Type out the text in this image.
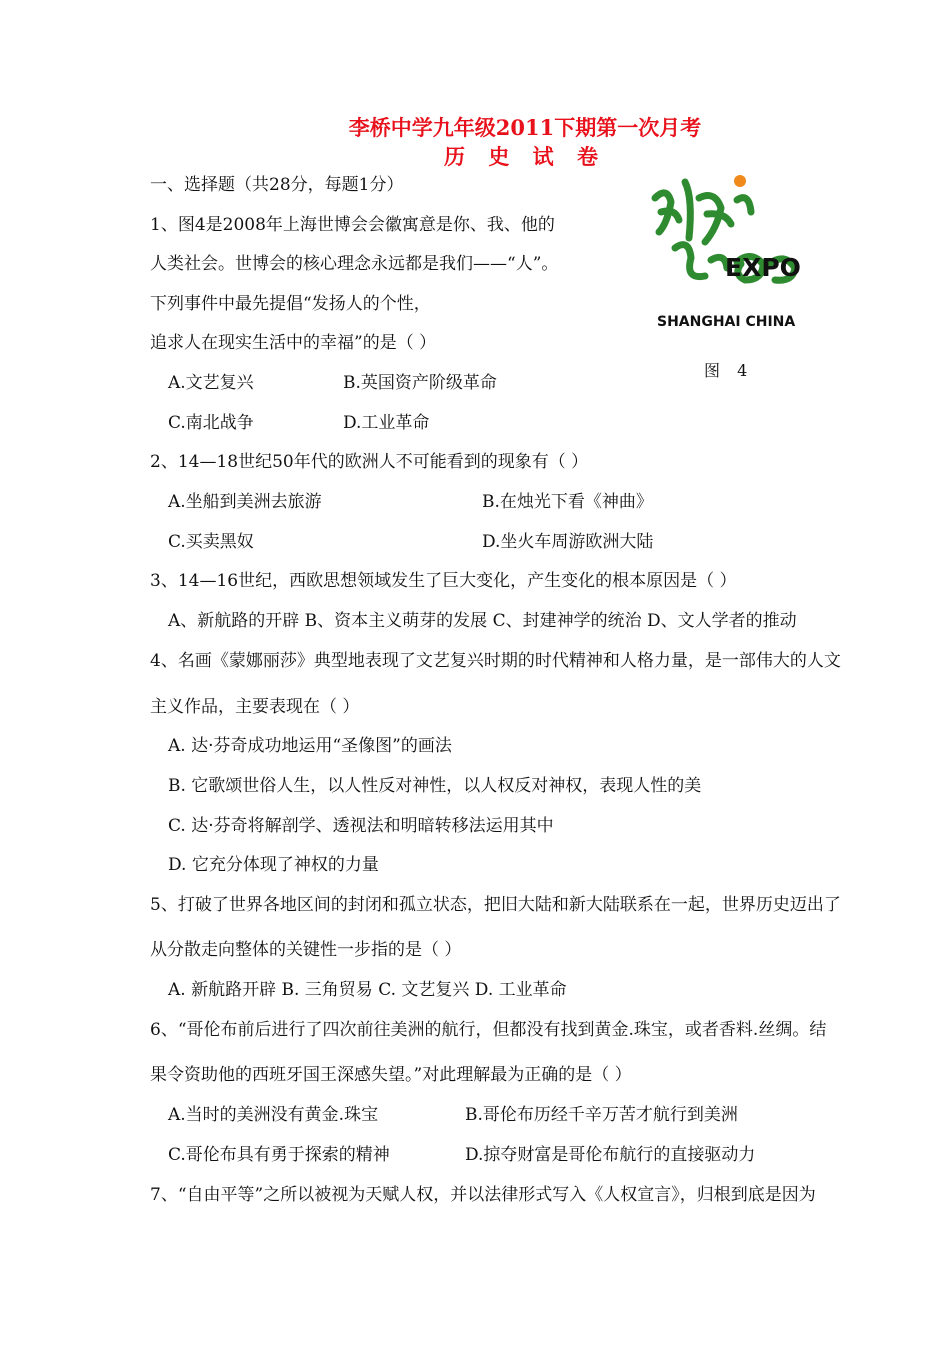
李桥中学九年级2011下期第一次月考
历 史 试 卷
一、选择题（共28分，每题1分）
EXPO
SHANGHAI CHINA
图 4
1、图4是2008年上海世博会会徽寓意是你、我、他的
人类社会。世博会的核心理念永远都是我们——“人”。
下列事件中最先提倡“发扬人的个性，
追求人在现实生活中的幸福”的是（ ）
A.文艺复兴	B.英国资产阶级革命
C.南北战争	D.工业革命
2、14—18世纪50年代的欧洲人不可能看到的现象有（ ）
A.坐船到美洲去旅游	B.在烛光下看《神曲》
C.买卖黑奴	D.坐火车周游欧洲大陆
3、14—16世纪，西欧思想领域发生了巨大变化，产生变化的根本原因是（ ）
A、新航路的开辟 B、资本主义萌芽的发展 C、封建神学的统治 D、文人学者的推动
4、名画《蒙娜丽莎》典型地表现了文艺复兴时期的时代精神和人格力量，是一部伟大的人文
主义作品，主要表现在（ ）
A. 达·芬奇成功地运用“圣像图”的画法
B. 它歌颂世俗人生，以人性反对神性，以人权反对神权，表现人性的美
C. 达·芬奇将解剖学、透视法和明暗转移法运用其中
D. 它充分体现了神权的力量
5、打破了世界各地区间的封闭和孤立状态，把旧大陆和新大陆联系在一起，世界历史迈出了
从分散走向整体的关键性一步指的是（ ）
A. 新航路开辟 B. 三角贸易 C. 文艺复兴 D. 工业革命
6、“哥伦布前后进行了四次前往美洲的航行，但都没有找到黄金.珠宝，或者香料.丝绸。结
果令资助他的西班牙国王深感失望。”对此理解最为正确的是（ ）
A.当时的美洲没有黄金.珠宝	B.哥伦布历经千辛万苦才航行到美洲
C.哥伦布具有勇于探索的精神	D.掠夺财富是哥伦布航行的直接驱动力
7、“自由平等”之所以被视为天赋人权，并以法律形式写入《人权宣言》，归根到底是因为
